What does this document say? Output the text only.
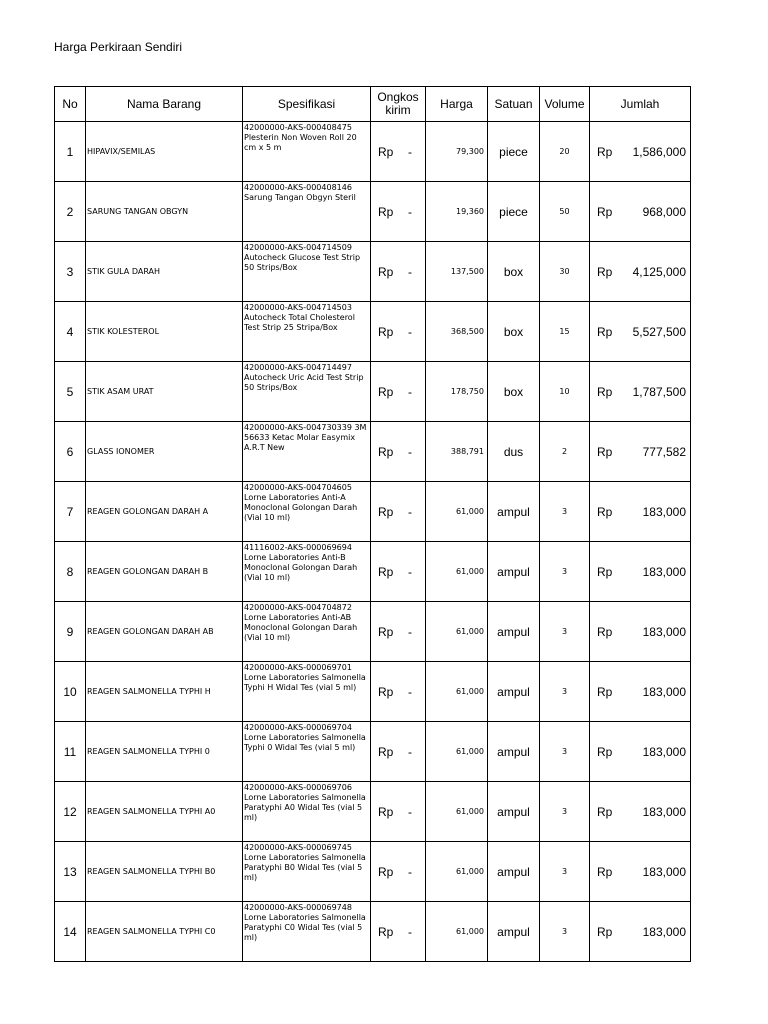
Harga Perkiraan Sendiri
No	Nama Barang	Spesifikasi	Ongkos kirim	Harga	Satuan	Volume	Jumlah
1	HIPAVIX/SEMILAS	42000000-AKS-000408475 Plesterin Non Woven Roll 20 cm x 5 m	Rp -	79,300	piece	20	Rp 1,586,000

2	SARUNG TANGAN OBGYN	42000000-AKS-000408146 Sarung Tangan Obgyn Steril	Rp -	19,360	piece	50	Rp 968,000

3	STIK GULA DARAH	42000000-AKS-004714509 Autocheck Glucose Test Strip 50 Strips/Box	Rp -	137,500	box	30	Rp 4,125,000

4	STIK KOLESTEROL	42000000-AKS-004714503 Autocheck Total Cholesterol Test Strip 25 Stripa/Box	Rp -	368,500	box	15	Rp 5,527,500

5	STIK ASAM URAT	42000000-AKS-004714497 Autocheck Uric Acid Test Strip 50 Strips/Box	Rp -	178,750	box	10	Rp 1,787,500

6	GLASS IONOMER	42000000-AKS-004730339 3M 56633 Ketac Molar Easymix A.R.T New	Rp -	388,791	dus	2	Rp 777,582

7	REAGEN GOLONGAN DARAH A	42000000-AKS-004704605 Lorne Laboratories Anti-A Monoclonal Golongan Darah (Vial 10 ml)	Rp -	61,000	ampul	3	Rp 183,000

8	REAGEN GOLONGAN DARAH B	41116002-AKS-000069694 Lorne Laboratories Anti-B Monoclonal Golongan Darah (Vial 10 ml)	Rp -	61,000	ampul	3	Rp 183,000

9	REAGEN GOLONGAN DARAH AB	42000000-AKS-004704872 Lorne Laboratories Anti-AB Monoclonal Golongan Darah (Vial 10 ml)	Rp -	61,000	ampul	3	Rp 183,000

10	REAGEN SALMONELLA TYPHI H	42000000-AKS-000069701 Lorne Laboratories Salmonella Typhi H Widal Tes (vial 5 ml)	Rp -	61,000	ampul	3	Rp 183,000

11	REAGEN SALMONELLA TYPHI 0	42000000-AKS-000069704 Lorne Laboratories Salmonella Typhi 0 Widal Tes (vial 5 ml)	Rp -	61,000	ampul	3	Rp 183,000

12	REAGEN SALMONELLA TYPHI A0	42000000-AKS-000069706 Lorne Laboratories Salmonella Paratyphi A0 Widal Tes (vial 5 ml)	Rp -	61,000	ampul	3	Rp 183,000

13	REAGEN SALMONELLA TYPHI B0	42000000-AKS-000069745 Lorne Laboratories Salmonella Paratyphi B0 Widal Tes (vial 5 ml)	Rp -	61,000	ampul	3	Rp 183,000

14	REAGEN SALMONELLA TYPHI C0	42000000-AKS-000069748 Lorne Laboratories Salmonella Paratyphi C0 Widal Tes (vial 5 ml)	Rp -	61,000	ampul	3	Rp 183,000
